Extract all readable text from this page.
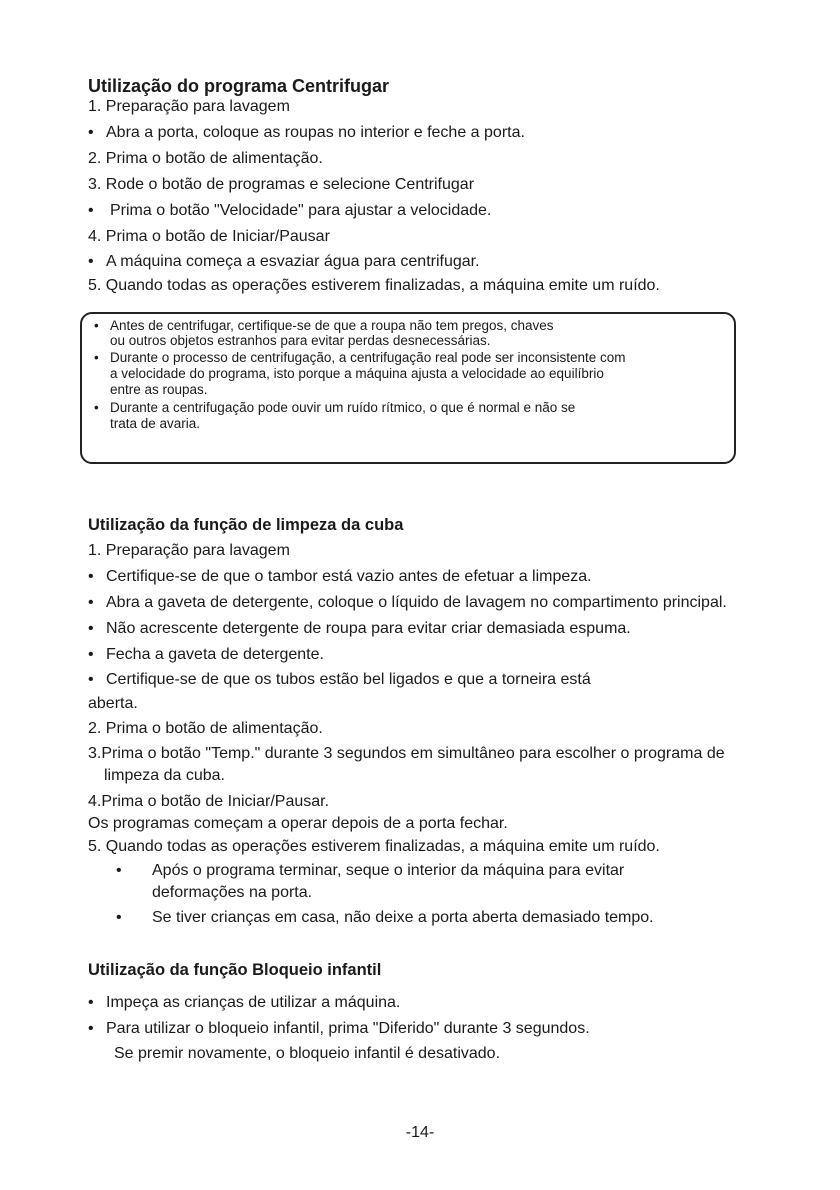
Utilização do programa Centrifugar
1. Preparação para lavagem
• Abra a porta, coloque as roupas no interior e feche a porta.
2. Prima o botão de alimentação.
3. Rode o botão de programas e selecione Centrifugar
• Prima o botão "Velocidade" para ajustar a velocidade.
4. Prima o botão de Iniciar/Pausar
• A máquina começa a esvaziar água para centrifugar.
5. Quando todas as operações estiverem finalizadas, a máquina emite um ruído.
• Antes de centrifugar, certifique-se de que a roupa não tem pregos, chaves
ou outros objetos estranhos para evitar perdas desnecessárias.
• Durante o processo de centrifugação, a centrifugação real pode ser inconsistente com
a velocidade do programa, isto porque a máquina ajusta a velocidade ao equilíbrio
entre as roupas.
• Durante a centrifugação pode ouvir um ruído rítmico, o que é normal e não se
trata de avaria.
Utilização da função de limpeza da cuba
1. Preparação para lavagem
• Certifique-se de que o tambor está vazio antes de efetuar a limpeza.
• Abra a gaveta de detergente, coloque o líquido de lavagem no compartimento principal.
• Não acrescente detergente de roupa para evitar criar demasiada espuma.
• Fecha a gaveta de detergente.
• Certifique-se de que os tubos estão bel ligados e que a torneira está
aberta.
2. Prima o botão de alimentação.
3.Prima o botão "Temp." durante 3 segundos em simultâneo para escolher o programa de
limpeza da cuba.
4.Prima o botão de Iniciar/Pausar.
Os programas começam a operar depois de a porta fechar.
5. Quando todas as operações estiverem finalizadas, a máquina emite um ruído.
• Após o programa terminar, seque o interior da máquina para evitar
deformações na porta.
• Se tiver crianças em casa, não deixe a porta aberta demasiado tempo.
Utilização da função Bloqueio infantil
• Impeça as crianças de utilizar a máquina.
• Para utilizar o bloqueio infantil, prima "Diferido" durante 3 segundos.
Se premir novamente, o bloqueio infantil é desativado.
-14-
